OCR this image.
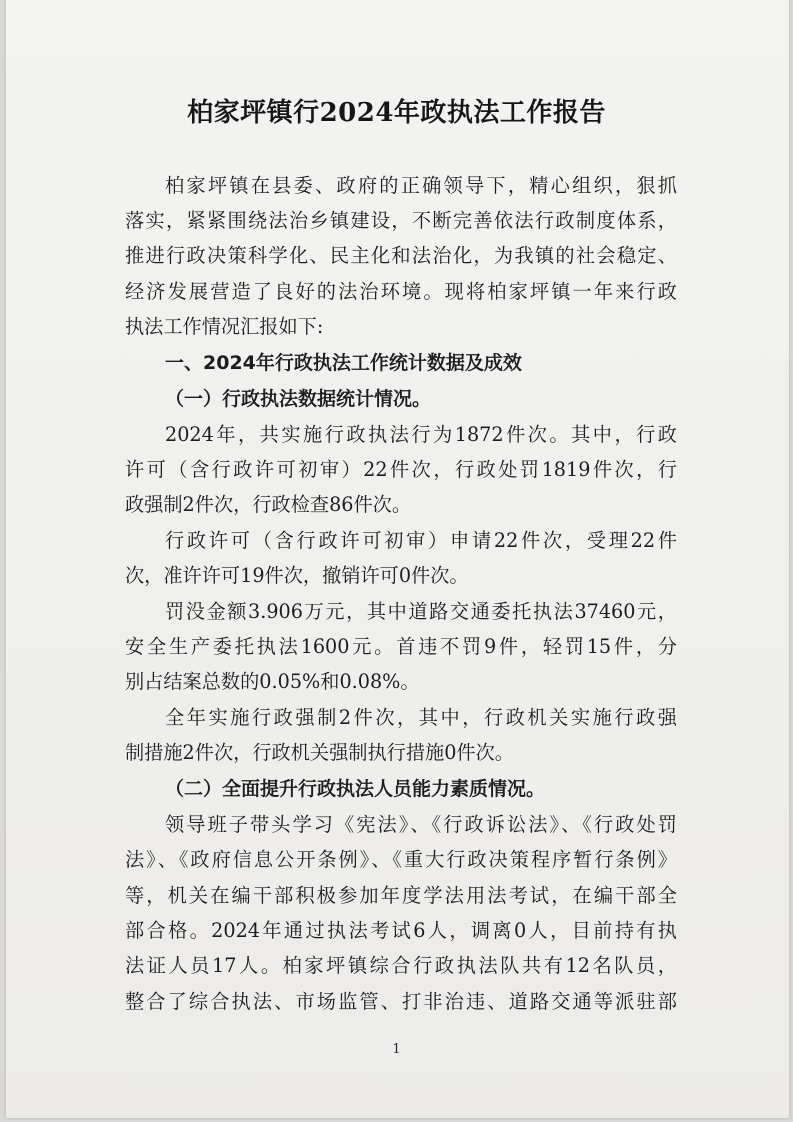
柏家坪镇行2024年政执法工作报告
柏家坪镇在县委、政府的正确领导下，精心组织，狠抓
落实，紧紧围绕法治乡镇建设，不断完善依法行政制度体系，
推进行政决策科学化、民主化和法治化，为我镇的社会稳定、
经济发展营造了良好的法治环境。现将柏家坪镇一年来行政
执法工作情况汇报如下:
一、2024年行政执法工作统计数据及成效
（一）行政执法数据统计情况。
2024年，共实施行政执法行为1872件次。其中，行政
许可（含行政许可初审）22件次，行政处罚1819件次，行
政强制2件次，行政检查86件次。
行政许可（含行政许可初审）申请22件次，受理22件
次，准许许可19件次，撤销许可0件次。
罚没金额3.906万元，其中道路交通委托执法37460元，
安全生产委托执法1600元。首违不罚9件，轻罚15件，分
别占结案总数的0.05%和0.08%。
全年实施行政强制2件次，其中，行政机关实施行政强
制措施2件次，行政机关强制执行措施0件次。
（二）全面提升行政执法人员能力素质情况。
领导班子带头学习《宪法》、《行政诉讼法》、《行政处罚
法》、《政府信息公开条例》、《重大行政决策程序暂行条例》
等，机关在编干部积极参加年度学法用法考试，在编干部全
部合格。2024年通过执法考试6人，调离0人，目前持有执
法证人员17人。柏家坪镇综合行政执法队共有12名队员，
整合了综合执法、市场监管、打非治违、道路交通等派驻部
1
